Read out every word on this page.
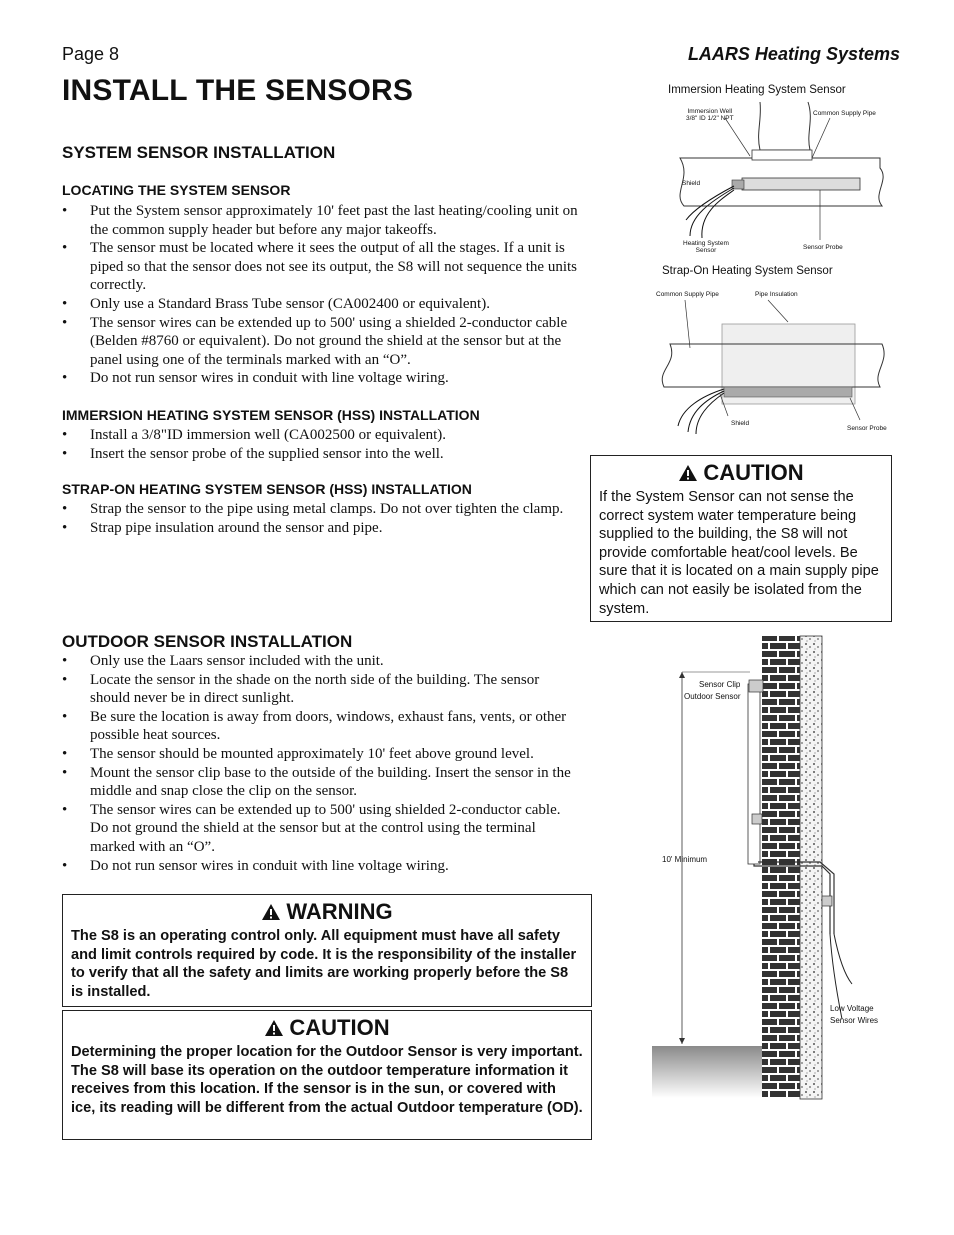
Page 8	LAARS Heating Systems
INSTALL THE SENSORS
SYSTEM SENSOR INSTALLATION
LOCATING THE SYSTEM SENSOR
• Put the System sensor approximately 10' feet past the last heating/cooling unit on the common supply header but before any major takeoffs.
• The sensor must be located where it sees the output of all the stages. If a unit is piped so that the sensor does not see its output, the S8 will not sequence the units correctly.
• Only use a Standard Brass Tube sensor (CA002400 or equivalent).
• The sensor wires can be extended up to 500' using a shielded 2-conductor cable (Belden #8760 or equivalent). Do not ground the shield at the sensor but at the panel using one of the terminals marked with an “O”.
• Do not run sensor wires in conduit with line voltage wiring.
IMMERSION HEATING SYSTEM SENSOR (HSS) INSTALLATION
• Install a 3/8"ID immersion well (CA002500 or equivalent).
• Insert the sensor probe of the supplied sensor into the well.
STRAP-ON HEATING SYSTEM SENSOR (HSS) INSTALLATION
• Strap the sensor to the pipe using metal clamps. Do not over tighten the clamp.
• Strap pipe insulation around the sensor and pipe.
OUTDOOR SENSOR INSTALLATION
• Only use the Laars sensor included with the unit.
• Locate the sensor in the shade on the north side of the building. The sensor should never be in direct sunlight.
• Be sure the location is away from doors, windows, exhaust fans, vents, or other possible heat sources.
• The sensor should be mounted approximately 10' feet above ground level.
• Mount the sensor clip base to the outside of the building. Insert the sensor in the middle and snap close the clip on the sensor.
• The sensor wires can be extended up to 500' using shielded 2-conductor cable. Do not ground the shield at the sensor but at the control using the terminal marked with an “O”.
• Do not run sensor wires in conduit with line voltage wiring.
CAUTION
If the System Sensor can not sense the correct system water temperature being supplied to the building, the S8 will not provide comfortable heat/cool levels. Be sure that it is located on a main supply pipe which can not easily be isolated from the system.
WARNING
The S8 is an operating control only. All equipment must have all safety and limit controls required by code. It is the responsibility of the installer to verify that all the safety and limits are working properly before the S8 is installed.
CAUTION
Determining the proper location for the Outdoor Sensor is very important. The S8 will base its operation on the outdoor temperature information it receives from this location. If the sensor is in the sun, or covered with ice, its reading will be different from the actual Outdoor temperature (OD).
Immersion Heating System Sensor
Immersion Well
3/8" ID 1/2" NPT
Common Supply Pipe
Shield
Heating System
Sensor	Sensor Probe
Strap-On Heating System Sensor
Common Supply Pipe	Pipe Insulation
Shield
Sensor Probe
Sensor Clip
Outdoor Sensor
10' Minimum
Low Voltage
Sensor Wires
